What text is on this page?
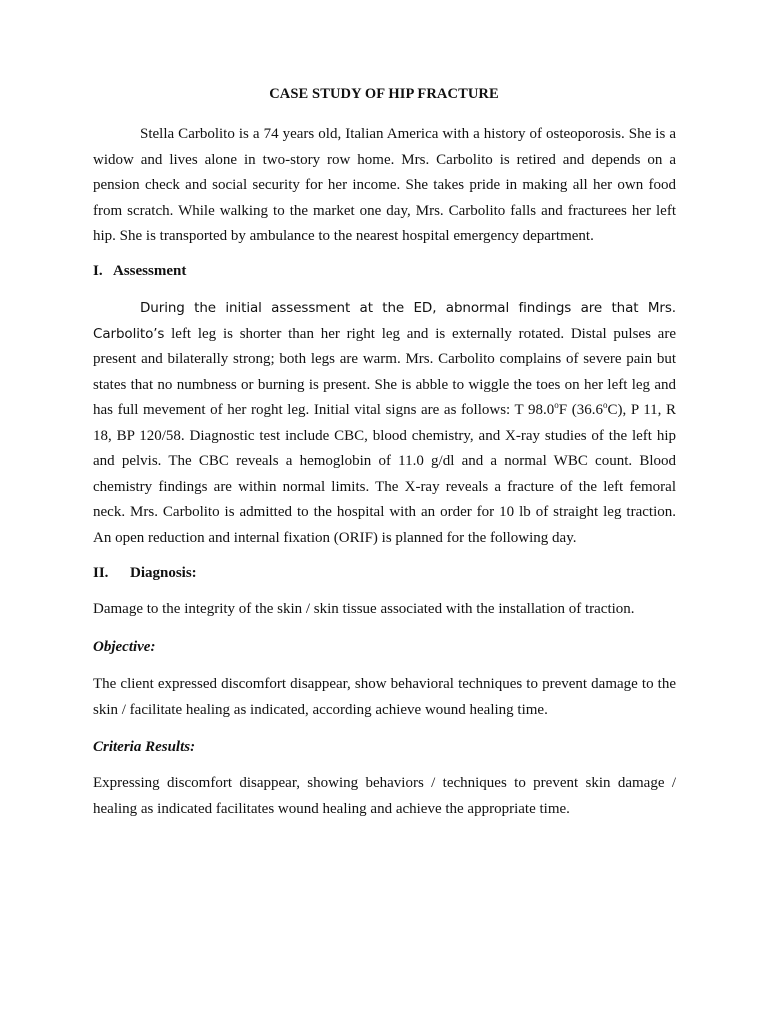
CASE STUDY OF HIP FRACTURE

Stella Carbolito is a 74 years old, Italian America with a history of osteoporosis. She is a widow and lives alone in two-story row home. Mrs. Carbolito is retired and depends on a pension check and social security for her income. She takes pride in making all her own food from scratch. While walking to the market one day, Mrs. Carbolito falls and fracturees her left hip. She is transported by ambulance to the nearest hospital emergency department.

I. Assessment

During the initial assessment at the ED, abnormal findings are that Mrs. Carbolito’s left leg is shorter than her right leg and is externally rotated. Distal pulses are present and bilaterally strong; both legs are warm. Mrs. Carbolito complains of severe pain but states that no numbness or burning is present. She is abble to wiggle the toes on her left leg and has full mevement of her roght leg. Initial vital signs are as follows: T 98.0$^o$F (36.6$^o$C), P 11, R 18, BP 120/58. Diagnostic test include CBC, blood chemistry, and X-ray studies of the left hip and pelvis. The CBC reveals a hemoglobin of 11.0 g/dl and a normal WBC count. Blood chemistry findings are within normal limits. The X-ray reveals a fracture of the left femoral neck. Mrs. Carbolito is admitted to the hospital with an order for 10 lb of straight leg traction. An open reduction and internal fixation (ORIF) is planned for the following day.

II. Diagnosis:

Damage to the integrity of the skin / skin tissue associated with the installation of traction.

Objective:

The client expressed discomfort disappear, show behavioral techniques to prevent damage to the skin / facilitate healing as indicated, according achieve wound healing time.

Criteria Results:

Expressing discomfort disappear, showing behaviors / techniques to prevent skin damage / healing as indicated facilitates wound healing and achieve the appropriate time.
